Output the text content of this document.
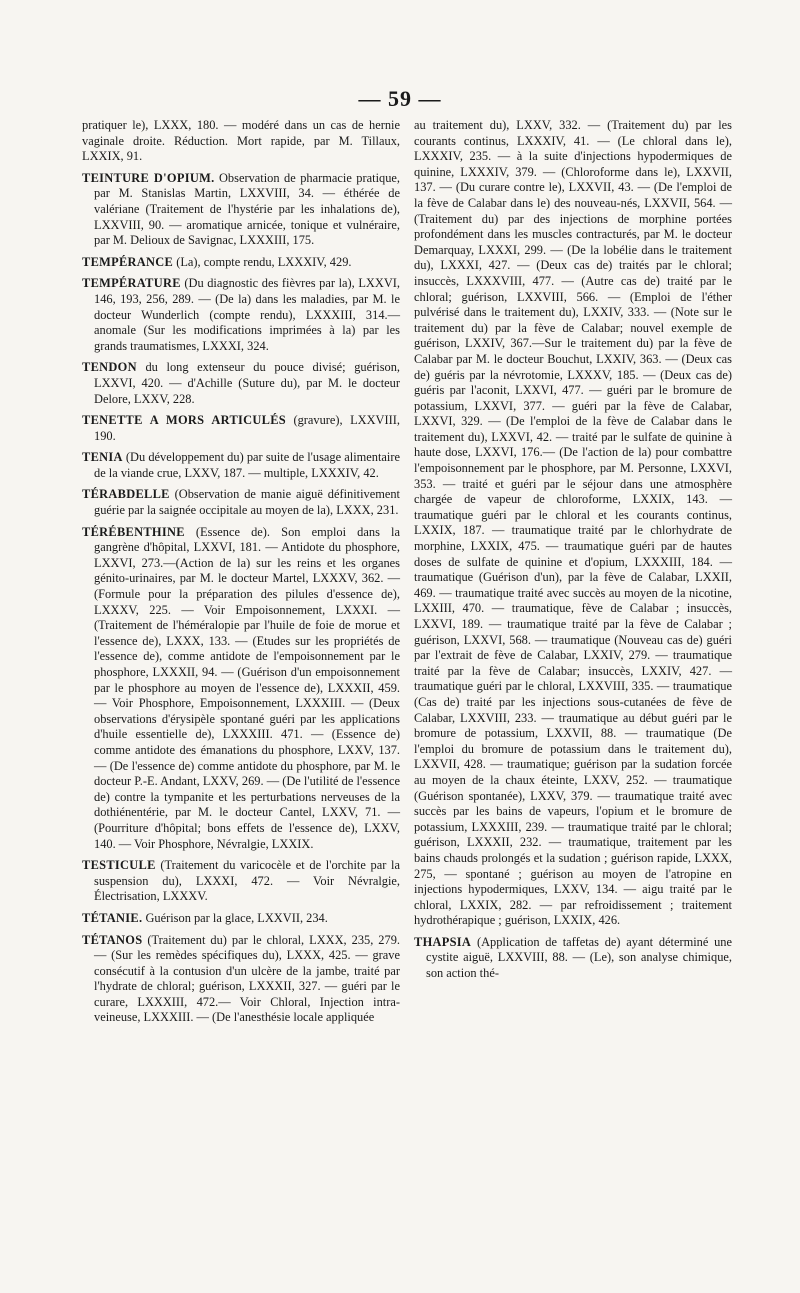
— 59 —

pratiquer le), LXXX, 180. — modéré dans un cas de hernie vaginale droite. Réduction. Mort rapide, par M. Tillaux, LXXIX, 91.

TEINTURE D'OPIUM. Observation de pharmacie pratique, par M. Stanislas Martin, LXXVIII, 34. — éthérée de valériane (Traitement de l'hystérie par les inhalations de), LXXVIII, 90. — aromatique arnicée, tonique et vulnéraire, par M. Delioux de Savignac, LXXXIII, 175.

TEMPÉRANCE (La), compte rendu, LXXXIV, 429.

TEMPÉRATURE (Du diagnostic des fièvres par la), LXXVI, 146, 193, 256, 289. — (De la) dans les maladies, par M. le docteur Wunderlich (compte rendu), LXXXIII, 314.— anomale (Sur les modifications imprimées à la) par les grands traumatismes, LXXXI, 324.

TENDON du long extenseur du pouce divisé; guérison, LXXVI, 420. — d'Achille (Suture du), par M. le docteur Delore, LXXV, 228.

TENETTE A MORS ARTICULÉS (gravure), LXXVIII, 190.

TENIA (Du développement du) par suite de l'usage alimentaire de la viande crue, LXXV, 187. — multiple, LXXXIV, 42.

TÉRABDELLE (Observation de manie aiguë définitivement guérie par la saignée occipitale au moyen de la), LXXX, 231.

TÉRÉBENTHINE (Essence de). Son emploi dans la gangrène d'hôpital, LXXVI, 181. — Antidote du phosphore, LXXVI, 273.—(Action de la) sur les reins et les organes génito-urinaires, par M. le docteur Martel, LXXXV, 362. — (Formule pour la préparation des pilules d'essence de), LXXXV, 225. — Voir Empoisonnement, LXXXI. — (Traitement de l'héméralopie par l'huile de foie de morue et l'essence de), LXXX, 133. — (Etudes sur les propriétés de l'essence de), comme antidote de l'empoisonnement par le phosphore, LXXXII, 94. — (Guérison d'un empoisonnement par le phosphore au moyen de l'essence de), LXXXII, 459. — Voir Phosphore, Empoisonnement, LXXXIII. — (Deux observations d'érysipèle spontané guéri par les applications d'huile essentielle de), LXXXIII. 471. — (Essence de) comme antidote des émanations du phosphore, LXXV, 137. — (De l'essence de) comme antidote du phosphore, par M. le docteur P.-E. Andant, LXXV, 269. — (De l'utilité de l'essence de) contre la tympanite et les perturbations nerveuses de la dothiénentérie, par M. le docteur Cantel, LXXV, 71. — (Pourriture d'hôpital; bons effets de l'essence de), LXXV, 140. — Voir Phosphore, Névralgie, LXXIX.

TESTICULE (Traitement du varicocèle et de l'orchite par la suspension du), LXXXI, 472. — Voir Névralgie, Électrisation, LXXXV.

TÉTANIE. Guérison par la glace, LXXVII, 234.

TÉTANOS (Traitement du) par le chloral, LXXX, 235, 279. — (Sur les remèdes spécifiques du), LXXX, 425. — grave consécutif à la contusion d'un ulcère de la jambe, traité par l'hydrate de chloral; guérison, LXXXII, 327. — guéri par le curare, LXXXIII, 472.— Voir Chloral, Injection intra-veineuse, LXXXIII. — (De l'anesthésie locale appliquée

au traitement du), LXXV, 332. — (Traitement du) par les courants continus, LXXXIV, 41. — (Le chloral dans le), LXXXIV, 235. — à la suite d'injections hypodermiques de quinine, LXXXIV, 379. — (Chloroforme dans le), LXXVII, 137. — (Du curare contre le), LXXVII, 43. — (De l'emploi de la fève de Calabar dans le) des nouveau-nés, LXXVII, 564. — (Traitement du) par des injections de morphine portées profondément dans les muscles contracturés, par M. le docteur Demarquay, LXXXI, 299. — (De la lobélie dans le traitement du), LXXXI, 427. — (Deux cas de) traités par le chloral; insuccès, LXXXVIII, 477. — (Autre cas de) traité par le chloral; guérison, LXXVIII, 566. — (Emploi de l'éther pulvérisé dans le traitement du), LXXIV, 333. — (Note sur le traitement du) par la fève de Calabar; nouvel exemple de guérison, LXXIV, 367.—Sur le traitement du) par la fève de Calabar par M. le docteur Bouchut, LXXIV, 363. — (Deux cas de) guéris par la névrotomie, LXXXV, 185. — (Deux cas de) guéris par l'aconit, LXXVI, 477. — guéri par le bromure de potassium, LXXVI, 377. — guéri par la fève de Calabar, LXXVI, 329. — (De l'emploi de la fève de Calabar dans le traitement du), LXXVI, 42. — traité par le sulfate de quinine à haute dose, LXXVI, 176.— (De l'action de la) pour combattre l'empoisonnement par le phosphore, par M. Personne, LXXVI, 353. — traité et guéri par le séjour dans une atmosphère chargée de vapeur de chloroforme, LXXIX, 143. — traumatique guéri par le chloral et les courants continus, LXXIX, 187. — traumatique traité par le chlorhydrate de morphine, LXXIX, 475. — traumatique guéri par de hautes doses de sulfate de quinine et d'opium, LXXXIII, 184. — traumatique (Guérison d'un), par la fève de Calabar, LXXII, 469. — traumatique traité avec succès au moyen de la nicotine, LXXIII, 470. — traumatique, fève de Calabar ; insuccès, LXXVI, 189. — traumatique traité par la fève de Calabar ; guérison, LXXVI, 568. — traumatique (Nouveau cas de) guéri par l'extrait de fève de Calabar, LXXIV, 279. — traumatique traité par la fève de Calabar; insuccès, LXXIV, 427. — traumatique guéri par le chloral, LXXVIII, 335. — traumatique (Cas de) traité par les injections sous-cutanées de fève de Calabar, LXXVIII, 233. — traumatique au début guéri par le bromure de potassium, LXXVII, 88. — traumatique (De l'emploi du bromure de potassium dans le traitement du), LXXVII, 428. — traumatique; guérison par la sudation forcée au moyen de la chaux éteinte, LXXV, 252. — traumatique (Guérison spontanée), LXXV, 379. — traumatique traité avec succès par les bains de vapeurs, l'opium et le bromure de potassium, LXXXIII, 239. — traumatique traité par le chloral; guérison, LXXXII, 232. — traumatique, traitement par les bains chauds prolongés et la sudation ; guérison rapide, LXXX, 275, — spontané ; guérison au moyen de l'atropine en injections hypodermiques, LXXV, 134. — aigu traité par le chloral, LXXIX, 282. — par refroidissement ; traitement hydrothérapique ; guérison, LXXIX, 426.

THAPSIA (Application de taffetas de) ayant déterminé une cystite aiguë, LXXVIII, 88. — (Le), son analyse chimique, son action thé-
